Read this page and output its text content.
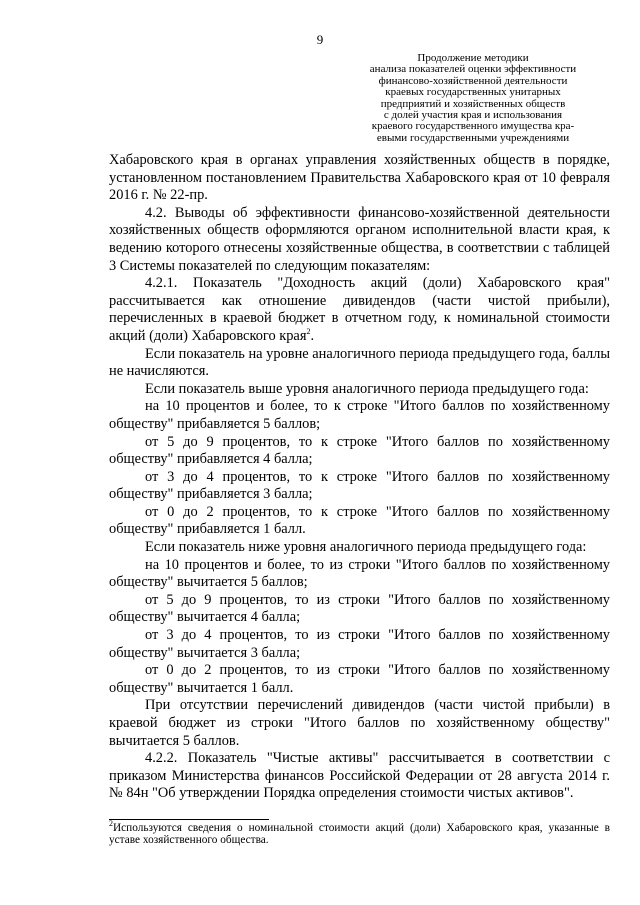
9
Продолжение методики
анализа показателей оценки эффективности
финансово-хозяйственной деятельности
краевых государственных унитарных
предприятий и хозяйственных обществ
с долей участия края и использования
краевого государственного имущества кра-
евыми государственными учреждениями

Хабаровского края в органах управления хозяйственных обществ в порядке, установленном постановлением Правительства Хабаровского края от 10 февраля 2016 г. № 22-пр.

4.2. Выводы об эффективности финансово-хозяйственной деятельности хозяйственных обществ оформляются органом исполнительной власти края, к ведению которого отнесены хозяйственные общества, в соответствии с таблицей 3 Системы показателей по следующим показателям:

4.2.1. Показатель "Доходность акций (доли) Хабаровского края" рассчитывается как отношение дивидендов (части чистой прибыли), перечисленных в краевой бюджет в отчетном году, к номинальной стоимости акций (доли) Хабаровского края$^2$.

Если показатель на уровне аналогичного периода предыдущего года, баллы не начисляются.

Если показатель выше уровня аналогичного периода предыдущего года:

на 10 процентов и более, то к строке "Итого баллов по хозяйственному обществу" прибавляется 5 баллов;

от 5 до 9 процентов, то к строке "Итого баллов по хозяйственному обществу" прибавляется 4 балла;

от 3 до 4 процентов, то к строке "Итого баллов по хозяйственному обществу" прибавляется 3 балла;

от 0 до 2 процентов, то к строке "Итого баллов по хозяйственному обществу" прибавляется 1 балл.

Если показатель ниже уровня аналогичного периода предыдущего года:

на 10 процентов и более, то из строки "Итого баллов по хозяйственному обществу" вычитается 5 баллов;

от 5 до 9 процентов, то из строки "Итого баллов по хозяйственному обществу" вычитается 4 балла;

от 3 до 4 процентов, то из строки "Итого баллов по хозяйственному обществу" вычитается 3 балла;

от 0 до 2 процентов, то из строки "Итого баллов по хозяйственному обществу" вычитается 1 балл.

При отсутствии перечислений дивидендов (части чистой прибыли) в краевой бюджет из строки "Итого баллов по хозяйственному обществу" вычитается 5 баллов.

4.2.2. Показатель "Чистые активы" рассчитывается в соответствии с приказом Министерства финансов Российской Федерации от 28 августа 2014 г. № 84н "Об утверждении Порядка определения стоимости чистых активов".

$^2$Используются сведения о номинальной стоимости акций (доли) Хабаровского края, указанные в уставе хозяйственного общества.
